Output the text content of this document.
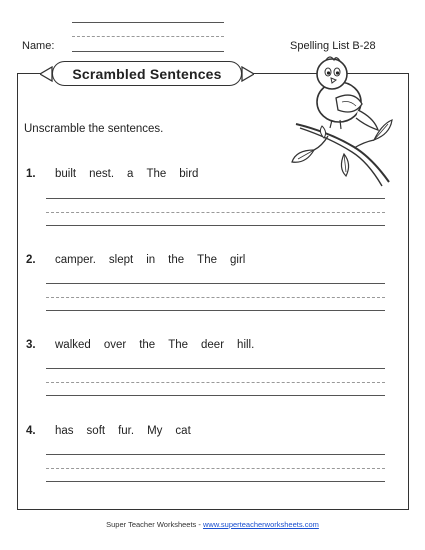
Name:	Spelling List B-28
Scrambled Sentences
Unscramble the sentences.
1.	built nest. a The bird
2.	camper. slept in the The girl
3.	walked over the The deer hill.
4.	has soft fur. My cat
Super Teacher Worksheets - www.superteacherworksheets.com
